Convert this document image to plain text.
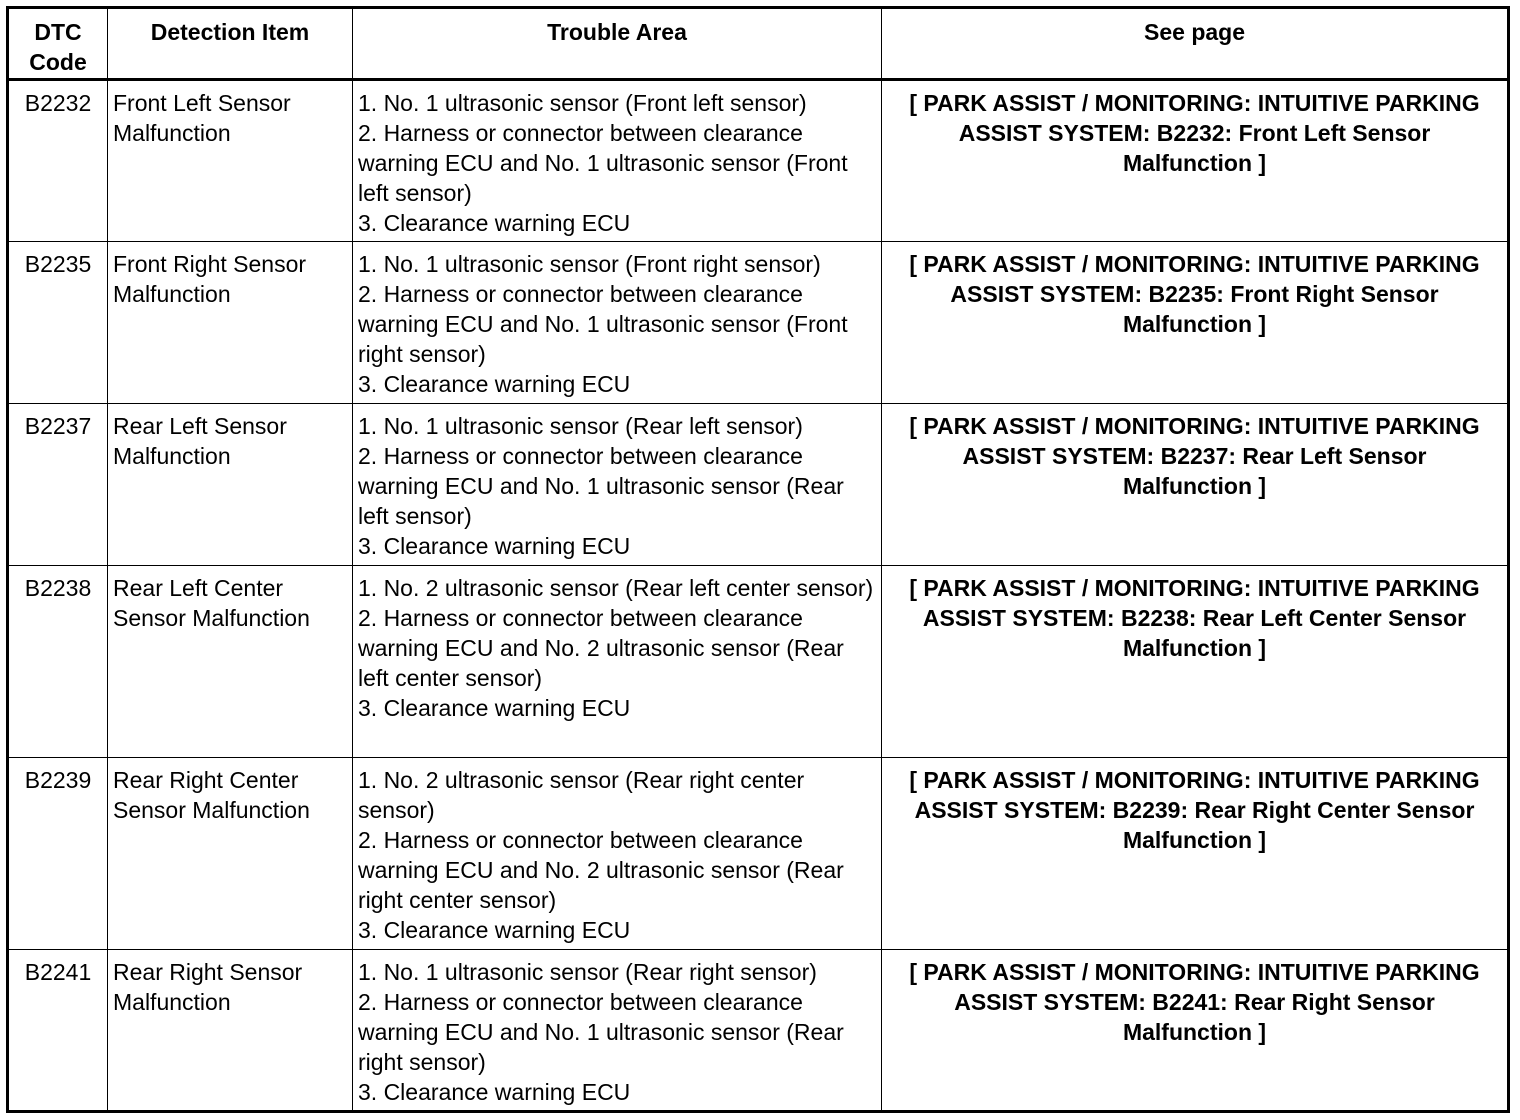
DTC Code	Detection Item	Trouble Area	See page
B2232	Front Left Sensor Malfunction	1. No. 1 ultrasonic sensor (Front left sensor)
2. Harness or connector between clearance warning ECU and No. 1 ultrasonic sensor (Front left sensor)
3. Clearance warning ECU	[ PARK ASSIST / MONITORING: INTUITIVE PARKING ASSIST SYSTEM: B2232: Front Left Sensor Malfunction ]
B2235	Front Right Sensor Malfunction	1. No. 1 ultrasonic sensor (Front right sensor)
2. Harness or connector between clearance warning ECU and No. 1 ultrasonic sensor (Front right sensor)
3. Clearance warning ECU	[ PARK ASSIST / MONITORING: INTUITIVE PARKING ASSIST SYSTEM: B2235: Front Right Sensor Malfunction ]
B2237	Rear Left Sensor Malfunction	1. No. 1 ultrasonic sensor (Rear left sensor)
2. Harness or connector between clearance warning ECU and No. 1 ultrasonic sensor (Rear left sensor)
3. Clearance warning ECU	[ PARK ASSIST / MONITORING: INTUITIVE PARKING ASSIST SYSTEM: B2237: Rear Left Sensor Malfunction ]
B2238	Rear Left Center Sensor Malfunction	1. No. 2 ultrasonic sensor (Rear left center sensor)
2. Harness or connector between clearance warning ECU and No. 2 ultrasonic sensor (Rear left center sensor)
3. Clearance warning ECU	[ PARK ASSIST / MONITORING: INTUITIVE PARKING ASSIST SYSTEM: B2238: Rear Left Center Sensor Malfunction ]
B2239	Rear Right Center Sensor Malfunction	1. No. 2 ultrasonic sensor (Rear right center sensor)
2. Harness or connector between clearance warning ECU and No. 2 ultrasonic sensor (Rear right center sensor)
3. Clearance warning ECU	[ PARK ASSIST / MONITORING: INTUITIVE PARKING ASSIST SYSTEM: B2239: Rear Right Center Sensor Malfunction ]
B2241	Rear Right Sensor Malfunction	1. No. 1 ultrasonic sensor (Rear right sensor)
2. Harness or connector between clearance warning ECU and No. 1 ultrasonic sensor (Rear right sensor)
3. Clearance warning ECU	[ PARK ASSIST / MONITORING: INTUITIVE PARKING ASSIST SYSTEM: B2241: Rear Right Sensor Malfunction ]
